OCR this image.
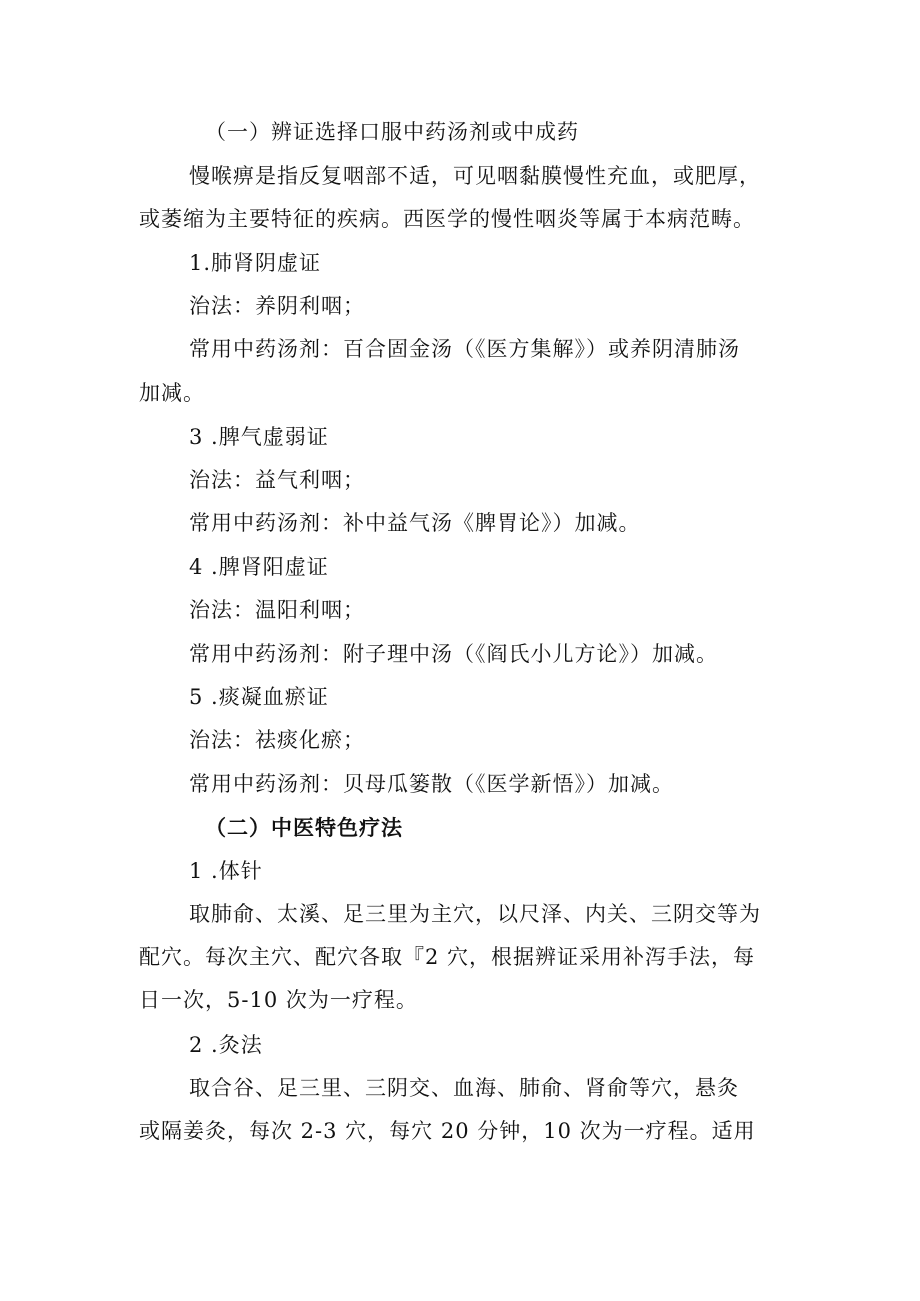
（一）辨证选择口服中药汤剂或中成药
慢喉痹是指反复咽部不适，可见咽黏膜慢性充血，或肥厚，
或萎缩为主要特征的疾病。西医学的慢性咽炎等属于本病范畴。
1.肺肾阴虚证
治法：养阴利咽；
常用中药汤剂：百合固金汤（《医方集解》）或养阴清肺汤
加减。
3 .脾气虚弱证
治法：益气利咽；
常用中药汤剂：补中益气汤《脾胃论》）加减。
4 .脾肾阳虚证
治法：温阳利咽；
常用中药汤剂：附子理中汤（《阎氏小儿方论》）加减。
5 .痰凝血瘀证
治法：祛痰化瘀；
常用中药汤剂：贝母瓜篓散（《医学新悟》）加减。
（二）中医特色疗法
1 .体针
取肺俞、太溪、足三里为主穴，以尺泽、内关、三阴交等为
配穴。每次主穴、配穴各取『2 穴，根据辨证采用补泻手法，每
日一次，5-10 次为一疗程。
2 .灸法
取合谷、足三里、三阴交、血海、肺俞、肾俞等穴，悬灸
或隔姜灸，每次 2-3 穴，每穴 20 分钟，10 次为一疗程。适用
